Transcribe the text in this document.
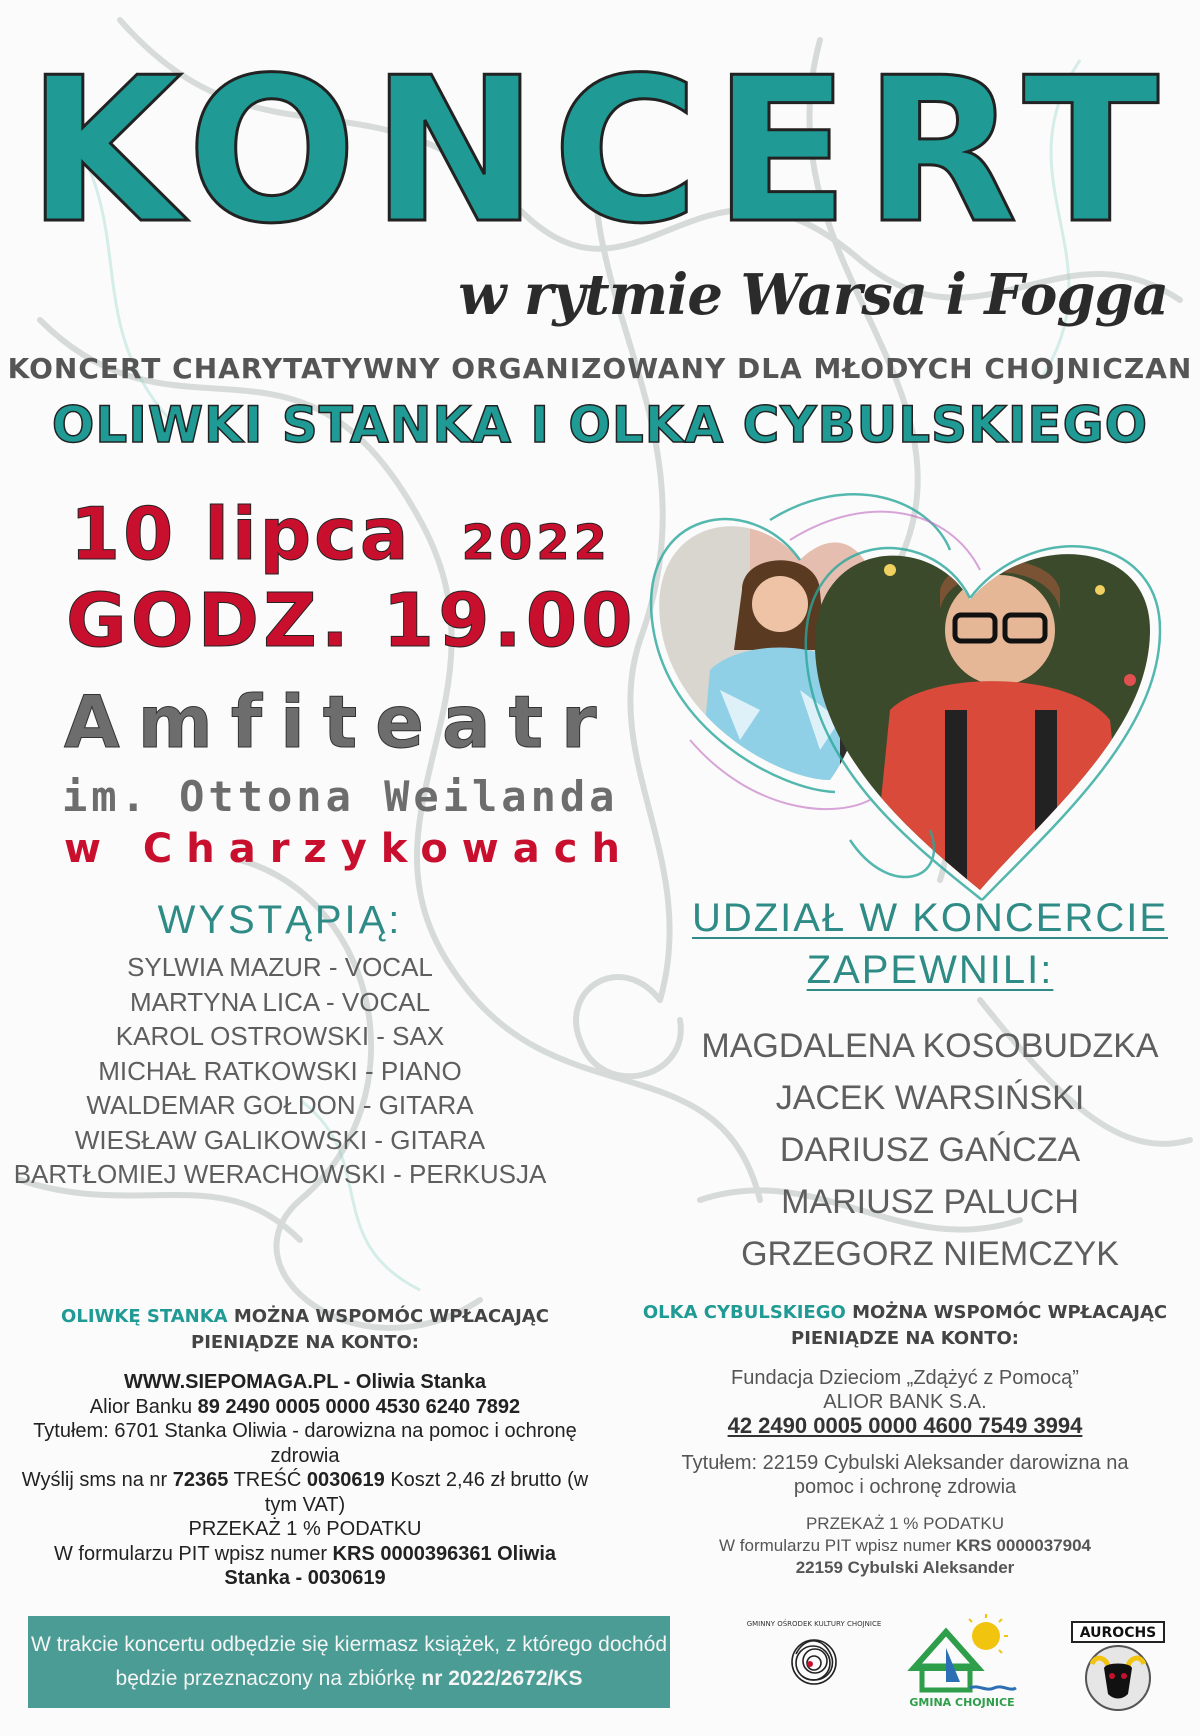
KONCERT
w rytmie Warsa i Fogga
KONCERT CHARYTATYWNY ORGANIZOWANY DLA MŁODYCH CHOJNICZAN
OLIWKI STANKA I OLKA CYBULSKIEGO
10 lipca 2022
GODZ. 19.00
Amfiteatr
im. Ottona Weilanda
w Charzykowach
WYSTĄPIĄ:
SYLWIA MAZUR - VOCAL
MARTYNA LICA - VOCAL
KAROL OSTROWSKI - SAX
MICHAŁ RATKOWSKI - PIANO
WALDEMAR GOŁDON - GITARA
WIESŁAW GALIKOWSKI - GITARA
BARTŁOMIEJ WERACHOWSKI - PERKUSJA
UDZIAŁ W KONCERCIE
ZAPEWNILI:
MAGDALENA KOSOBUDZKA
JACEK WARSIŃSKI
DARIUSZ GAŃCZA
MARIUSZ PALUCH
GRZEGORZ NIEMCZYK
OLIWKĘ STANKA MOŻNA WSPOMÓC WPŁACAJĄC
PIENIĄDZE NA KONTO:
WWW.SIEPOMAGA.PL - Oliwia Stanka
Alior Banku 89 2490 0005 0000 4530 6240 7892
Tytułem: 6701 Stanka Oliwia - darowizna na pomoc i ochronę zdrowia
Wyślij sms na nr 72365 TREŚĆ 0030619 Koszt 2,46 zł brutto (w tym VAT)
PRZEKAŻ 1 % PODATKU
W formularzu PIT wpisz numer KRS 0000396361 Oliwia Stanka - 0030619
OLKA CYBULSKIEGO MOŻNA WSPOMÓC WPŁACAJĄC
PIENIĄDZE NA KONTO:
Fundacja Dzieciom „Zdążyć z Pomocą”
ALIOR BANK S.A.
42 2490 0005 0000 4600 7549 3994
Tytułem: 22159 Cybulski Aleksander darowizna na pomoc i ochronę zdrowia
PRZEKAŻ 1 % PODATKU
W formularzu PIT wpisz numer KRS 0000037904
22159 Cybulski Aleksander
W trakcie koncertu odbędzie się kiermasz książek, z którego dochód będzie przeznaczony na zbiórkę nr 2022/2672/KS
GMINNY OŚRODEK KULTURY CHOJNICE
GMINA CHOJNICE
AUROCHS
